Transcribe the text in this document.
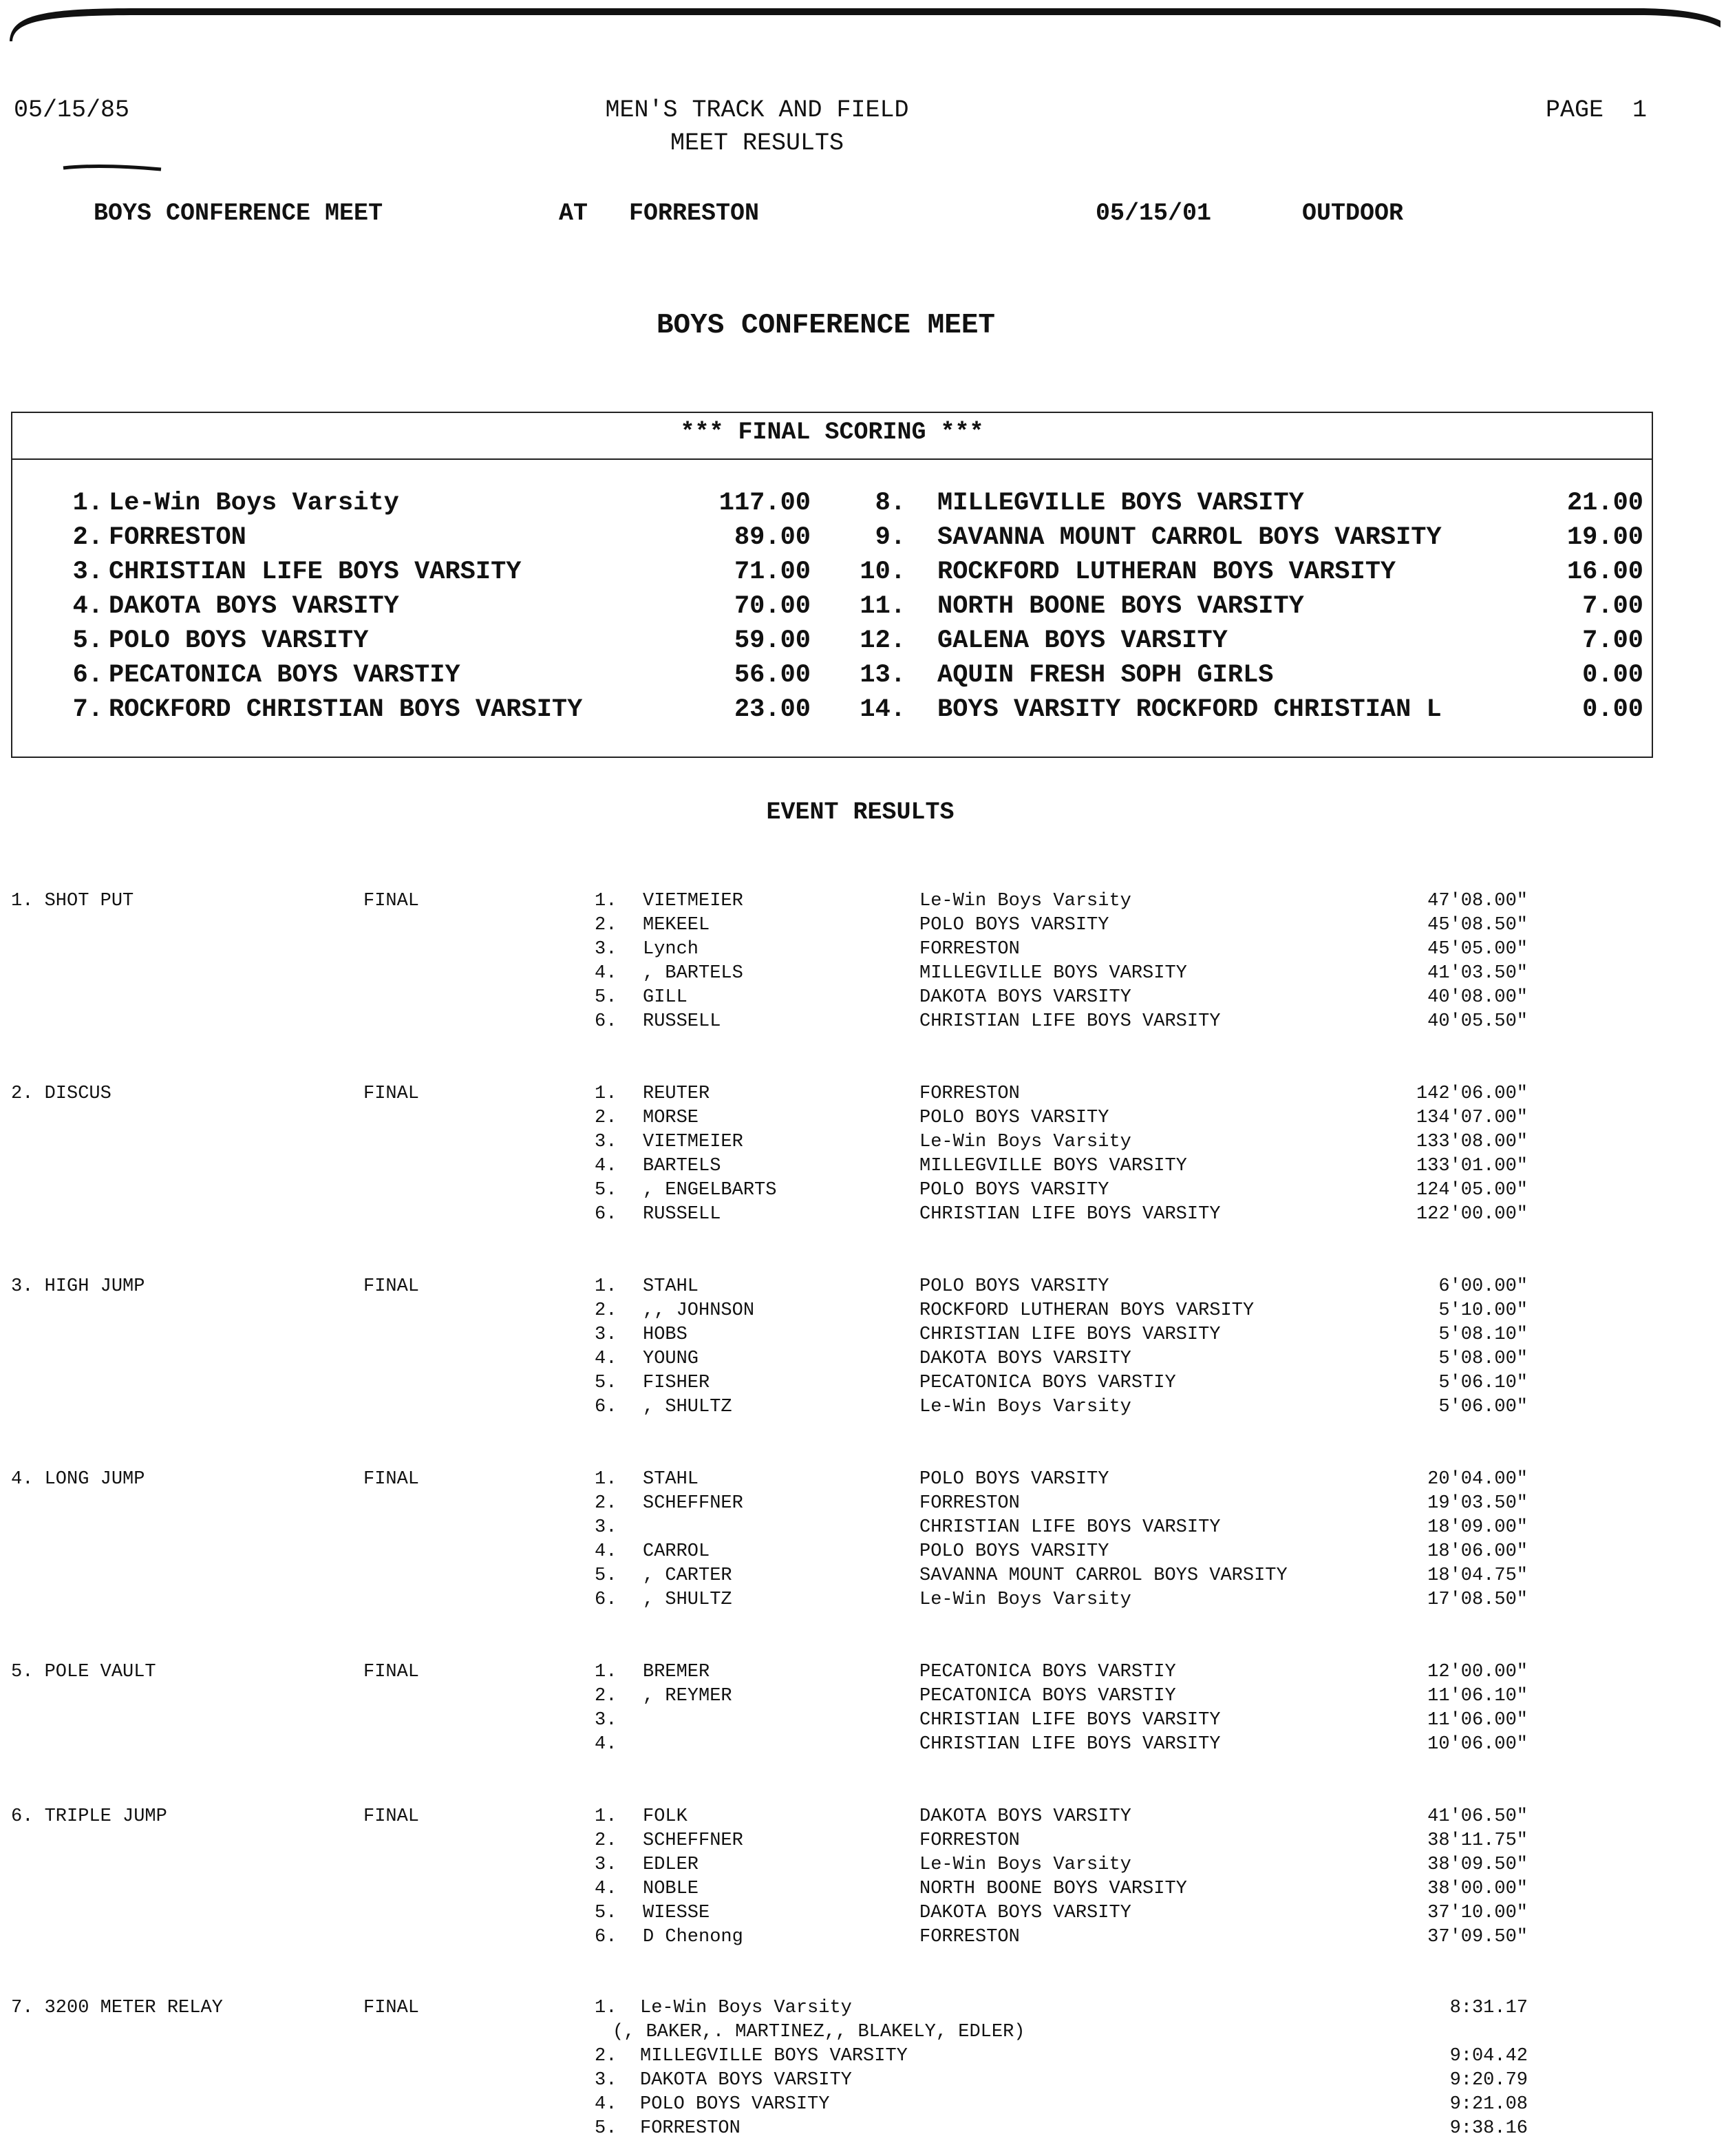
05/15/85	MEN'S TRACK AND FIELD
MEET RESULTS
PAGE  1
BOYS CONFERENCE MEET	AT FORRESTON	05/15/01	OUTDOOR
BOYS CONFERENCE MEET
*** FINAL SCORING ***
1. Le-Win Boys Varsity	117.00
2. FORRESTON	89.00
3. CHRISTIAN LIFE BOYS VARSITY	71.00
4. DAKOTA BOYS VARSITY	70.00
5. POLO BOYS VARSITY	59.00
6. PECATONICA BOYS VARSTIY	56.00
7. ROCKFORD CHRISTIAN BOYS VARSITY	23.00
8. MILLEGVILLE BOYS VARSITY	21.00
9. SAVANNA MOUNT CARROL BOYS VARSITY	19.00
10. ROCKFORD LUTHERAN BOYS VARSITY	16.00
11. NORTH BOONE BOYS VARSITY	7.00
12. GALENA BOYS VARSITY	7.00
13. AQUIN FRESH SOPH GIRLS	0.00
14. BOYS VARSITY ROCKFORD CHRISTIAN L	0.00
EVENT RESULTS
1. SHOT PUT	FINAL	1. VIETMEIER	Le-Win Boys Varsity	47'08.00"
2. MEKEEL	POLO BOYS VARSITY	45'08.50"
3. Lynch	FORRESTON	45'05.00"
4. , BARTELS	MILLEGVILLE BOYS VARSITY	41'03.50"
5. GILL	DAKOTA BOYS VARSITY	40'08.00"
6. RUSSELL	CHRISTIAN LIFE BOYS VARSITY	40'05.50"
2. DISCUS	FINAL	1. REUTER	FORRESTON	142'06.00"
2. MORSE	POLO BOYS VARSITY	134'07.00"
3. VIETMEIER	Le-Win Boys Varsity	133'08.00"
4. BARTELS	MILLEGVILLE BOYS VARSITY	133'01.00"
5. , ENGELBARTS	POLO BOYS VARSITY	124'05.00"
6. RUSSELL	CHRISTIAN LIFE BOYS VARSITY	122'00.00"
3. HIGH JUMP	FINAL	1. STAHL	POLO BOYS VARSITY	6'00.00"
2. ,, JOHNSON	ROCKFORD LUTHERAN BOYS VARSITY	5'10.00"
3. HOBS	CHRISTIAN LIFE BOYS VARSITY	5'08.10"
4. YOUNG	DAKOTA BOYS VARSITY	5'08.00"
5. FISHER	PECATONICA BOYS VARSTIY	5'06.10"
6. , SHULTZ	Le-Win Boys Varsity	5'06.00"
4. LONG JUMP	FINAL	1. STAHL	POLO BOYS VARSITY	20'04.00"
2. SCHEFFNER	FORRESTON	19'03.50"
3.	CHRISTIAN LIFE BOYS VARSITY	18'09.00"
4. CARROL	POLO BOYS VARSITY	18'06.00"
5. , CARTER	SAVANNA MOUNT CARROL BOYS VARSITY	18'04.75"
6. , SHULTZ	Le-Win Boys Varsity	17'08.50"
5. POLE VAULT	FINAL	1. BREMER	PECATONICA BOYS VARSTIY	12'00.00"
2. , REYMER	PECATONICA BOYS VARSTIY	11'06.10"
3.	CHRISTIAN LIFE BOYS VARSITY	11'06.00"
4.	CHRISTIAN LIFE BOYS VARSITY	10'06.00"
6. TRIPLE JUMP	FINAL	1. FOLK	DAKOTA BOYS VARSITY	41'06.50"
2. SCHEFFNER	FORRESTON	38'11.75"
3. EDLER	Le-Win Boys Varsity	38'09.50"
4. NOBLE	NORTH BOONE BOYS VARSITY	38'00.00"
5. WIESSE	DAKOTA BOYS VARSITY	37'10.00"
6. D Chenong	FORRESTON	37'09.50"
7. 3200 METER RELAY	FINAL	1. Le-Win Boys Varsity	8:31.17
(, BAKER,. MARTINEZ,, BLAKELY, EDLER)
2. MILLEGVILLE BOYS VARSITY	9:04.42
3. DAKOTA BOYS VARSITY	9:20.79
4. POLO BOYS VARSITY	9:21.08
5. FORRESTON	9:38.16
